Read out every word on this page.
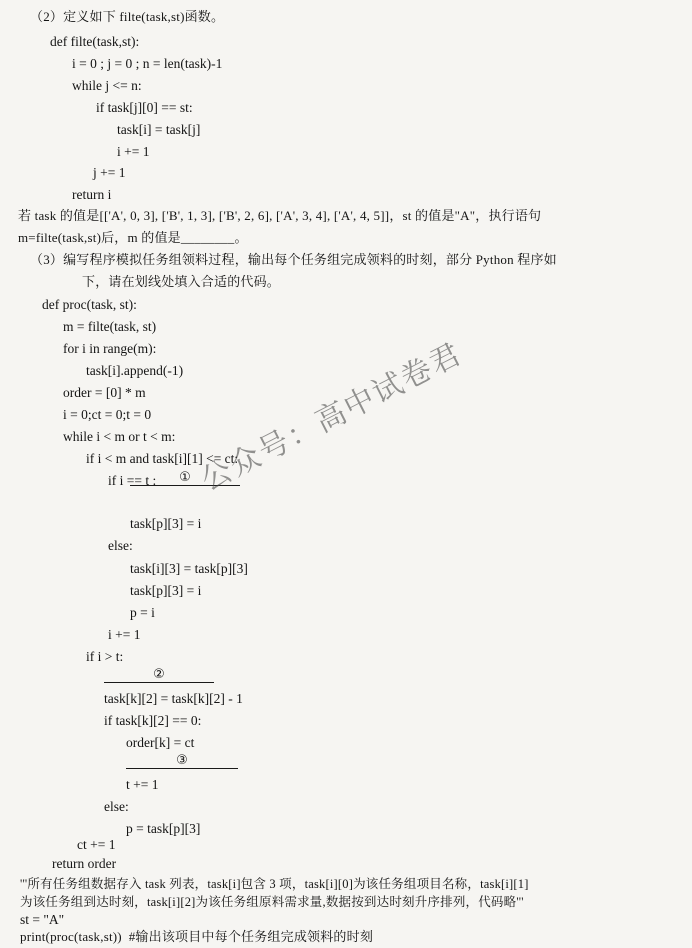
（2）定义如下 filte(task,st)函数。
def filte(task,st):
i = 0 ; j = 0 ; n = len(task)-1
while j <= n:
if task[j][0] == st:
task[i] = task[j]
i += 1
j += 1
return i
若 task 的值是[['A', 0, 3], ['B', 1, 3], ['B', 2, 6], ['A', 3, 4], ['A', 4, 5]]，st 的值是"A"，执行语句
m=filte(task,st)后，m 的值是________。
（3）编写程序模拟任务组领料过程，输出每个任务组完成领料的时刻，部分 Python 程序如
下，请在划线处填入合适的代码。
def proc(task, st):
m = filte(task, st)
for i in range(m):
task[i].append(-1)
order = [0] * m
i = 0;ct = 0;t = 0
while i < m or t < m:
if i < m and task[i][1] <= ct:
if i == t :	①
task[p][3] = i
else:
task[i][3] = task[p][3]
task[p][3] = i
p = i
i += 1
if i > t:
②
task[k][2] = task[k][2] - 1
if task[k][2] == 0:
order[k] = ct
③
t += 1
else:
p = task[p][3]
ct += 1
return order
'''所有任务组数据存入 task 列表，task[i]包含 3 项，task[i][0]为该任务组项目名称，task[i][1]
为该任务组到达时刻，task[i][2]为该任务组原料需求量,数据按到达时刻升序排列，代码略'''
公众号：高中试卷君
st = "A"
print(proc(task,st))  #输出该项目中每个任务组完成领料的时刻
